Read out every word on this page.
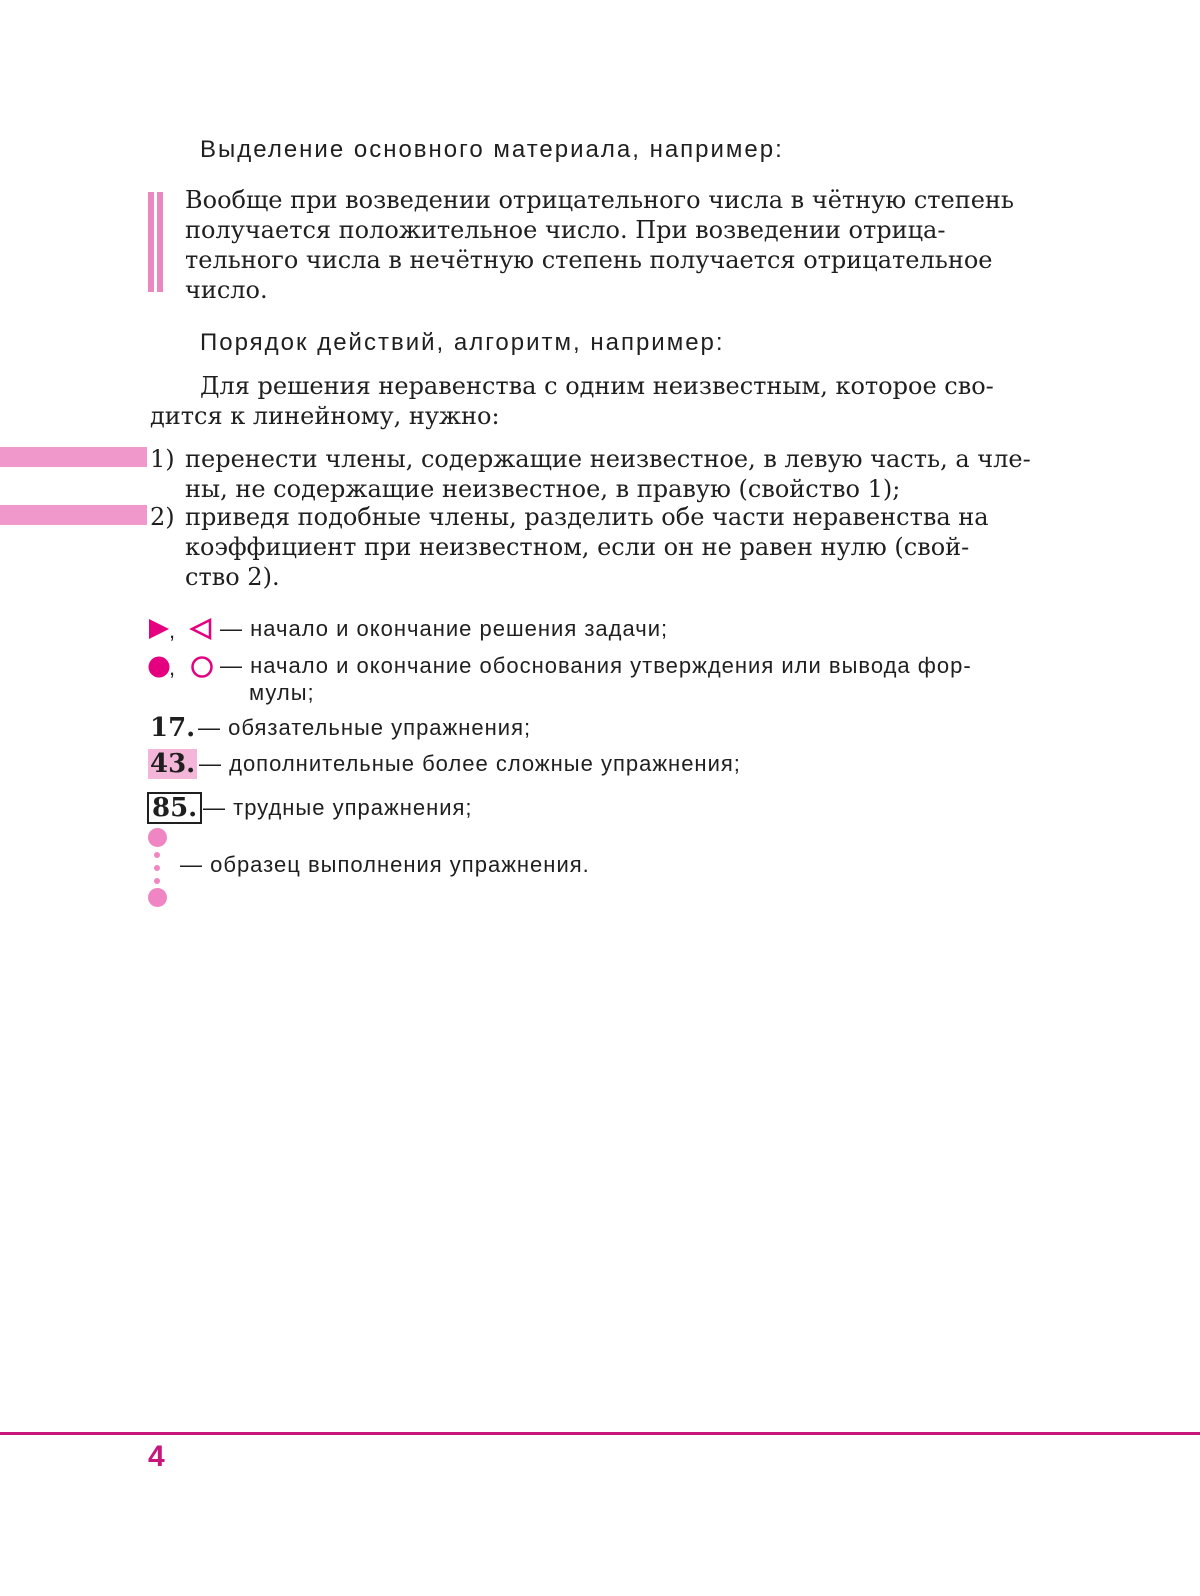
Выделение основного материала, например:
Вообще при возведении отрицательного числа в чётную степень
получается положительное число. При возведении отрица-
тельного числа в нечётную степень получается отрицательное
число.
Порядок действий, алгоритм, например:
Для решения неравенства с одним неизвестным, которое сво-
дится к линейному, нужно:
1) перенести члены, содержащие неизвестное, в левую часть, а чле-
ны, не содержащие неизвестное, в правую (свойство 1);
2) приведя подобные члены, разделить обе части неравенства на
коэффициент при неизвестном, если он не равен нулю (свой-
ство 2).
, — начало и окончание решения задачи;
, — начало и окончание обоснования утверждения или вывода фор-
мулы;
17. — обязательные упражнения;
43. — дополнительные более сложные упражнения;
85. — трудные упражнения;
— образец выполнения упражнения.
4
